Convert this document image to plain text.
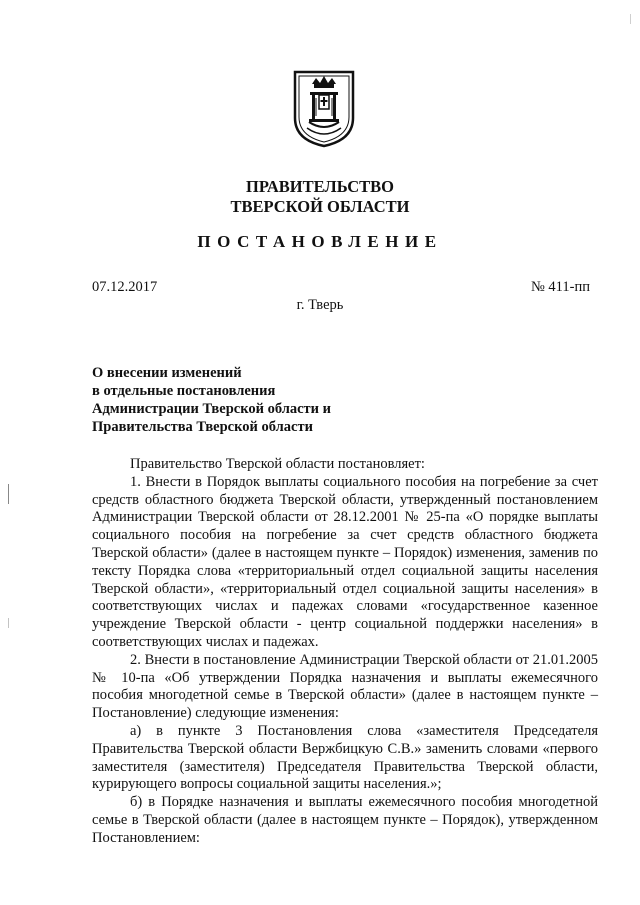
ПРАВИТЕЛЬСТВО
ТВЕРСКОЙ ОБЛАСТИ
ПОСТАНОВЛЕНИЕ
07.12.2017	№ 411-пп
г. Тверь
О внесении изменений
в отдельные постановления
Администрации Тверской области и
Правительства Тверской области

Правительство Тверской области постановляет:

1. Внести в Порядок выплаты социального пособия на погребение за счет средств областного бюджета Тверской области, утвержденный постановлением Администрации Тверской области от 28.12.2001 № 25-па «О порядке выплаты социального пособия на погребение за счет средств областного бюджета Тверской области» (далее в настоящем пункте – Порядок) изменения, заменив по тексту Порядка слова «территориальный отдел социальной защиты населения Тверской области», «территориальный отдел социальной защиты населения» в соответствующих числах и падежах словами «государственное казенное учреждение Тверской области - центр социальной поддержки населения» в соответствующих числах и падежах.

2. Внести в постановление Администрации Тверской области от 21.01.2005 № 10-па «Об утверждении Порядка назначения и выплаты ежемесячного пособия многодетной семье в Тверской области» (далее в настоящем пункте – Постановление) следующие изменения:

а) в пункте 3 Постановления слова «заместителя Председателя Правительства Тверской области Вержбицкую С.В.» заменить словами «первого заместителя (заместителя) Председателя Правительства Тверской области, курирующего вопросы социальной защиты населения.»;

б) в Порядке назначения и выплаты ежемесячного пособия многодетной семье в Тверской области (далее в настоящем пункте – Порядок), утвержденном Постановлением:
